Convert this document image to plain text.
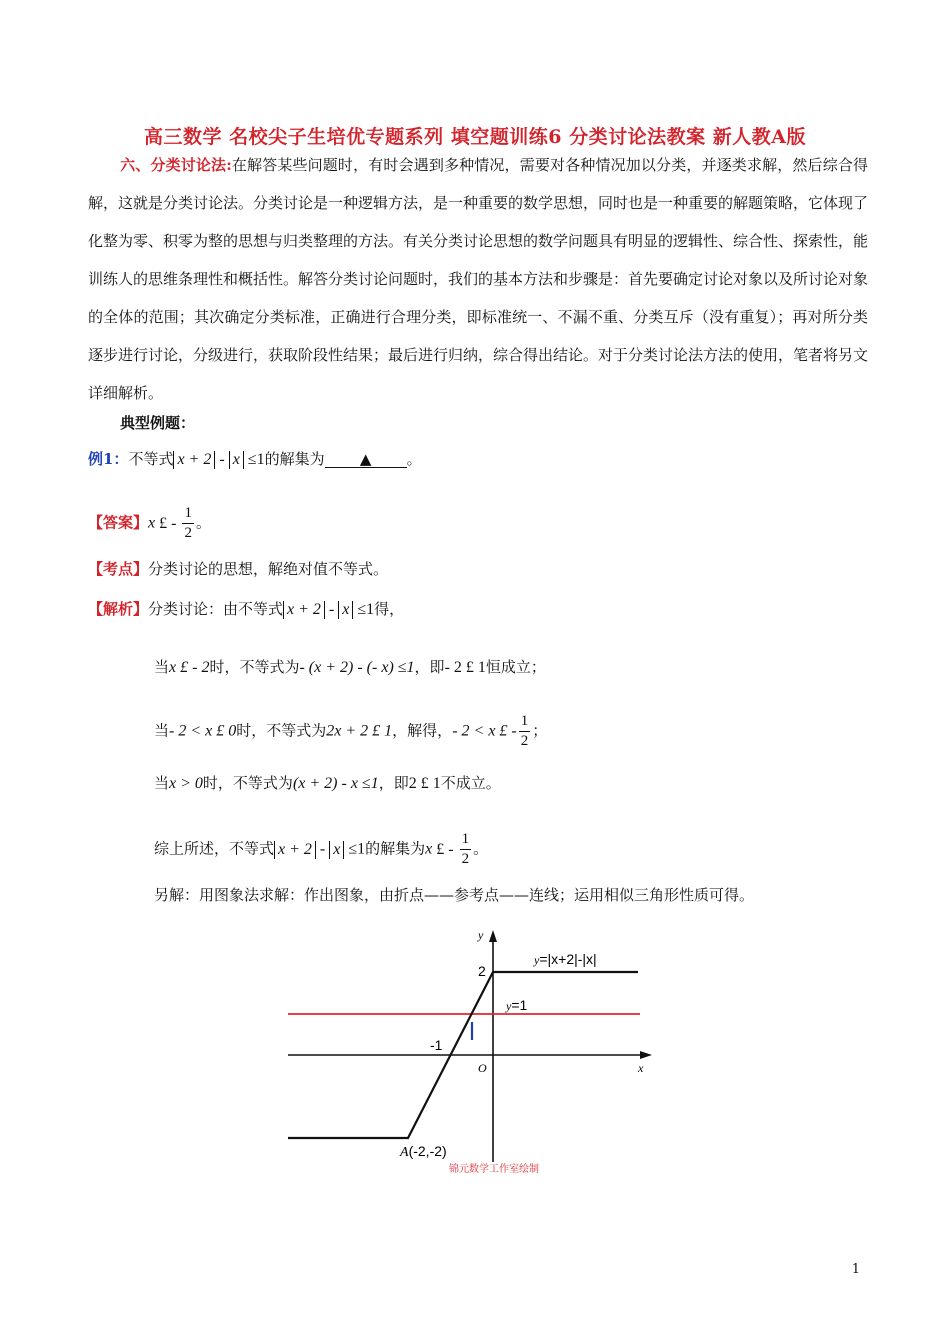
高三数学 名校尖子生培优专题系列 填空题训练6 分类讨论法教案 新人教A版
六、分类讨论法:在解答某些问题时，有时会遇到多种情况，需要对各种情况加以分类，并逐类求解，然后综合得解，这就是分类讨论法。分类讨论是一种逻辑方法，是一种重要的数学思想，同时也是一种重要的解题策略，它体现了化整为零、积零为整的思想与归类整理的方法。有关分类讨论思想的数学问题具有明显的逻辑性、综合性、探索性，能训练人的思维条理性和概括性。解答分类讨论问题时，我们的基本方法和步骤是：首先要确定讨论对象以及所讨论对象的全体的范围；其次确定分类标准，正确进行合理分类，即标准统一、不漏不重、分类互斥（没有重复）；再对所分类逐步进行讨论，分级进行，获取阶段性结果；最后进行归纳，综合得出结论。对于分类讨论法方法的使用，笔者将另文详细解析。
典型例题：
例1：不等式 x + 2 - x ≤1的解集为 ▲ 。
【答案】x £ - $\frac{1}{2}$ 。
【考点】分类讨论的思想，解绝对值不等式。
【解析】分类讨论：由不等式 x + 2 - x ≤1得，
当x £ - 2时，不等式为- (x + 2) - (- x) ≤1，即- 2 £ 1恒成立；
当- 2 < x £ 0时，不等式为2x + 2 £ 1，解得，- 2 < x £ - $\frac{1}{2}$ ；
当x > 0时，不等式为(x + 2) - x ≤1，即2 £ 1不成立。
综上所述，不等式 x + 2 - x ≤1的解集为x £ - $\frac{1}{2}$ 。
另解：用图象法求解：作出图象，由折点——参考点——连线；运用相似三角形性质可得。
y
x
O
2
-1
y=|x+2|-|x|
y=1
A(-2,-2)
锦元数学工作室绘制
1
